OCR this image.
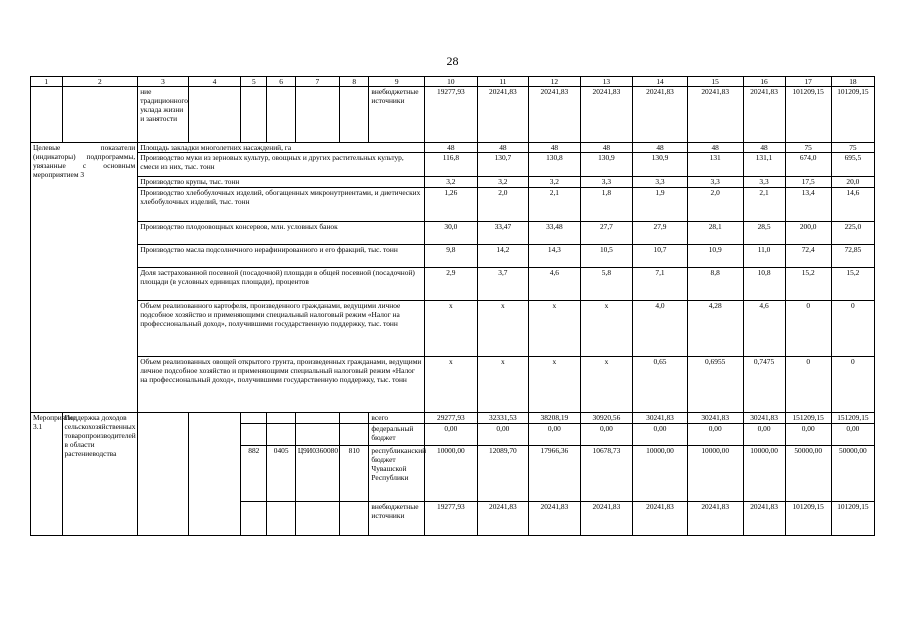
28
1	2	3	4	5	6	7	8	9	10	11	12	13	14	15	16	17	18
		ние традиционного уклада жизни и занятости						внебюджетные источники	19277,93	20241,83	20241,83	20241,83	20241,83	20241,83	20241,83	101209,15	101209,15
Целевые показатели (индикаторы) подпрограммы, увязанные с основным мероприятием 3		Площадь закладки многолетних насаждений, га							48	48	48	48	48	48	48	75	75
		Производство муки из зерновых культур, овощных и других растительных культур, смеси из них, тыс. тонн							116,8	130,7	130,8	130,9	130,9	131	131,1	674,0	695,5
		Производство крупы, тыс. тонн							3,2	3,2	3,2	3,3	3,3	3,3	3,3	17,5	20,0
		Производство хлебобулочных изделий, обогащенных микронутриентами, и диетических хлебобулочных изделий, тыс. тонн							1,26	2,0	2,1	1,8	1,9	2,0	2,1	13,4	14,6
		Производство плодоовощных консервов, млн. условных банок							30,0	33,47	33,48	27,7	27,9	28,1	28,5	200,0	225,0
		Производство масла подсолнечного нерафинированного и его фракций, тыс. тонн							9,8	14,2	14,3	10,5	10,7	10,9	11,0	72,4	72,85
		Доля застрахованной посевной (посадочной) площади в общей посевной (посадочной) площади (в условных единицах площади), процентов							2,9	3,7	4,6	5,8	7,1	8,8	10,8	15,2	15,2
		Объем реализованного картофеля, произведенного гражданами, ведущими личное подсобное хозяйство и применяющими специальный налоговый режим «Налог на профессиональный доход», получившими государственную поддержку, тыс. тонн							x	x	x	x	4,0	4,28	4,6	0	0
		Объем реализованных овощей открытого грунта, произведенных гражданами, ведущими личное подсобное хозяйство и применяющими специальный налоговый режим «Налог на профессиональный доход», получившими государственную поддержку, тыс. тонн							x	x	x	x	0,65	0,6955	0,7475	0	0
Мероприятие 3.1	Поддержка доходов сельскохозяйственных товаропроизводителей в области растениеводства							всего	29277,93	32331,53	38208,19	30920,56	30241,83	30241,83	30241,83	151209,15	151209,15
								федеральный бюджет	0,00	0,00	0,00	0,00	0,00	0,00	0,00	0,00	0,00
				882	0405	Ц9И0360080	810	республиканский бюджет Чувашской Республики	10000,00	12089,70	17966,36	10678,73	10000,00	10000,00	10000,00	50000,00	50000,00
								внебюджетные источники	19277,93	20241,83	20241,83	20241,83	20241,83	20241,83	20241,83	101209,15	101209,15
